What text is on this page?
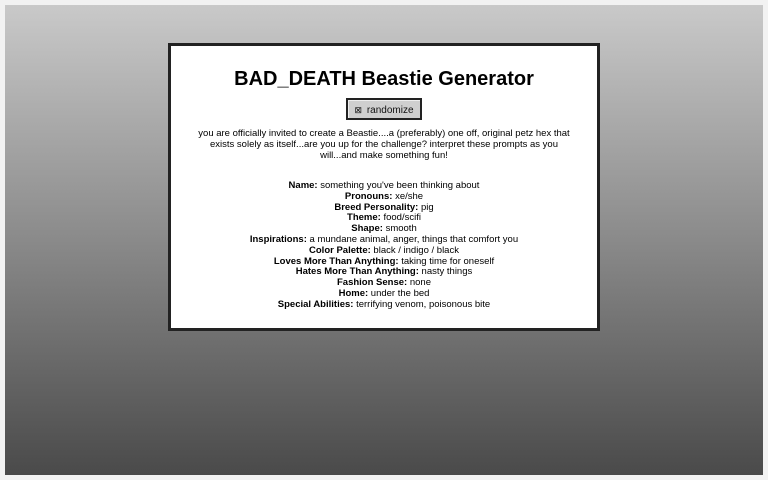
BAD_DEATH Beastie Generator
⊠ randomize

you are officially invited to create a Beastie....a (preferably) one off, original petz hex that exists solely as itself...are you up for the challenge? interpret these prompts as you will...and make something fun!

Name: something you've been thinking about
Pronouns: xe/she
Breed Personality: pig
Theme: food/scifi
Shape: smooth
Inspirations: a mundane animal, anger, things that comfort you
Color Palette: black / indigo / black
Loves More Than Anything: taking time for oneself
Hates More Than Anything: nasty things
Fashion Sense: none
Home: under the bed
Special Abilities: terrifying venom, poisonous bite
